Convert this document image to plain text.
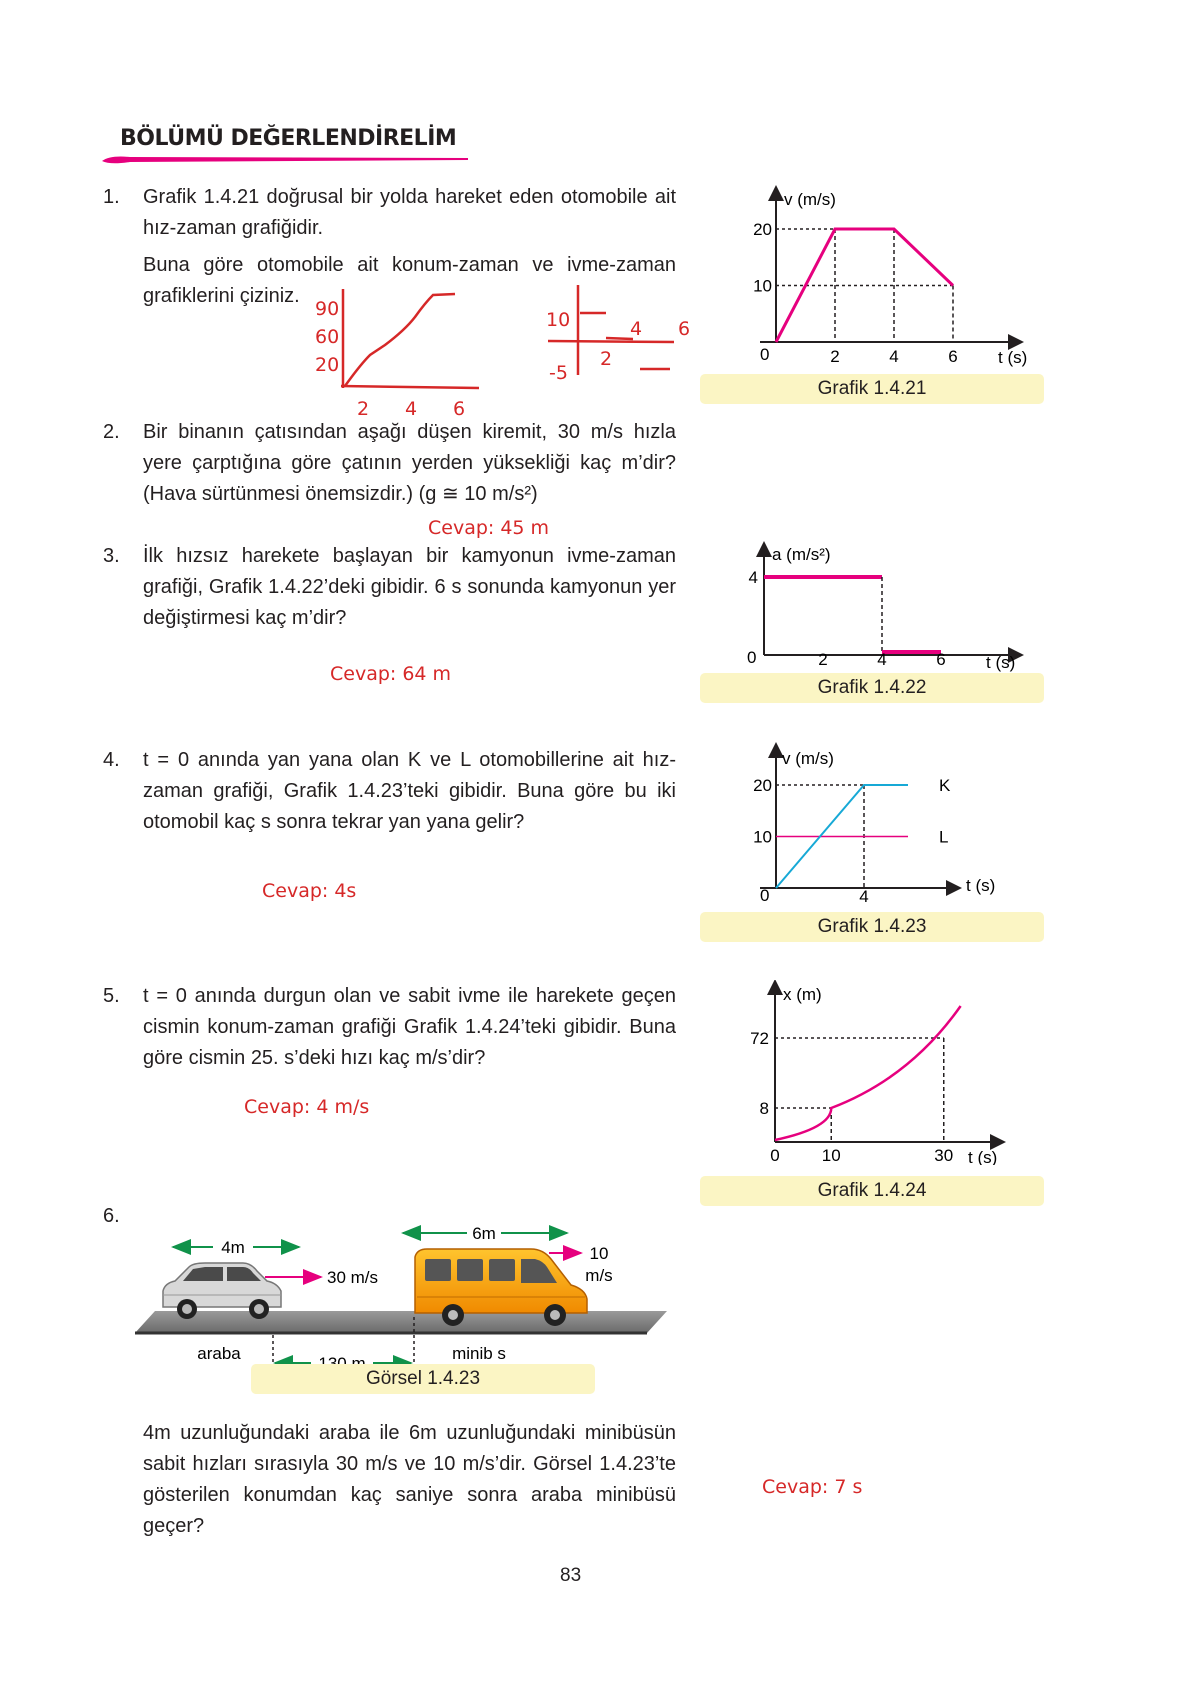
BÖLÜMÜ DEĞERLENDİRELİM
1. Grafik 1.4.21 doğrusal bir yolda hareket eden otomobile ait hız-zaman grafiğidir.
Buna göre otomobile ait konum-zaman ve ivme-zaman grafiklerini çiziniz.
90
60
20
2 4 6
10
-5
2
4 6
2. Bir binanın çatısından aşağı düşen kiremit, 30 m/s hızla yere çarptığına göre çatının yerden yüksekliği kaç m’dir? (Hava sürtünmesi önemsizdir.) (g ≅ 10 m/s²)
Cevap: 45 m
3. İlk hızsız harekete başlayan bir kamyonun ivme-zaman grafiği, Grafik 1.4.22’deki gibidir. 6 s sonunda kamyonun yer değiştirmesi kaç m’dir?
Cevap: 64 m
4. t = 0 anında yan yana olan K ve L otomobillerine ait hız-zaman grafiği, Grafik 1.4.23’teki gibidir. Buna göre bu iki otomobil kaç s sonra tekrar yan yana gelir?
Cevap: 4s
5. t = 0 anında durgun olan ve sabit ivme ile harekete geçen cismin konum-zaman grafiği Grafik 1.4.24’teki gibidir. Buna göre cismin 25. s’deki hızı kaç m/s’dir?
Cevap: 4 m/s
6.
4m uzunluğundaki araba ile 6m uzunluğundaki minibüsün sabit hızları sırasıyla 30 m/s ve 10 m/s’dir. Görsel 1.4.23’te gösterilen konumdan kaç saniye sonra araba minibüsü geçer?
Cevap: 7 s
v (m/s)
t (s)
0
20
10
2	4	6
Grafik 1.4.21
a (m/s²)
t (s)
0
4
2	4	6
Grafik 1.4.22
v (m/s)
t (s)
0
20
10
4
K
L
Grafik 1.4.23
x (m)
t (s)
0
72
8
10	30
Grafik 1.4.24
4m
30 m/s
6m
10
m/s
araba	minib s
Görsel 1.4.23
83
